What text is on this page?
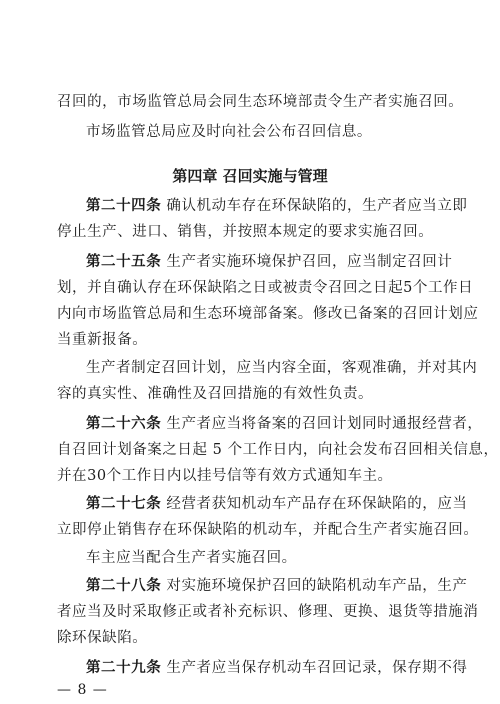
召回的，市场监管总局会同生态环境部责令生产者实施召回。
市场监管总局应及时向社会公布召回信息。
第四章 召回实施与管理
第二十四条 确认机动车存在环保缺陷的，生产者应当立即
停止生产、进口、销售，并按照本规定的要求实施召回。
第二十五条 生产者实施环境保护召回，应当制定召回计
划，并自确认存在环保缺陷之日或被责令召回之日起5个工作日
内向市场监管总局和生态环境部备案。修改已备案的召回计划应
当重新报备。
生产者制定召回计划，应当内容全面，客观准确，并对其内
容的真实性、准确性及召回措施的有效性负责。
第二十六条 生产者应当将备案的召回计划同时通报经营者，
自召回计划备案之日起 5 个工作日内，向社会发布召回相关信息，
并在30个工作日内以挂号信等有效方式通知车主。
第二十七条 经营者获知机动车产品存在环保缺陷的，应当
立即停止销售存在环保缺陷的机动车，并配合生产者实施召回。
车主应当配合生产者实施召回。
第二十八条 对实施环境保护召回的缺陷机动车产品，生产
者应当及时采取修正或者补充标识、修理、更换、退货等措施消
除环保缺陷。
第二十九条 生产者应当保存机动车召回记录，保存期不得
— 8 —
